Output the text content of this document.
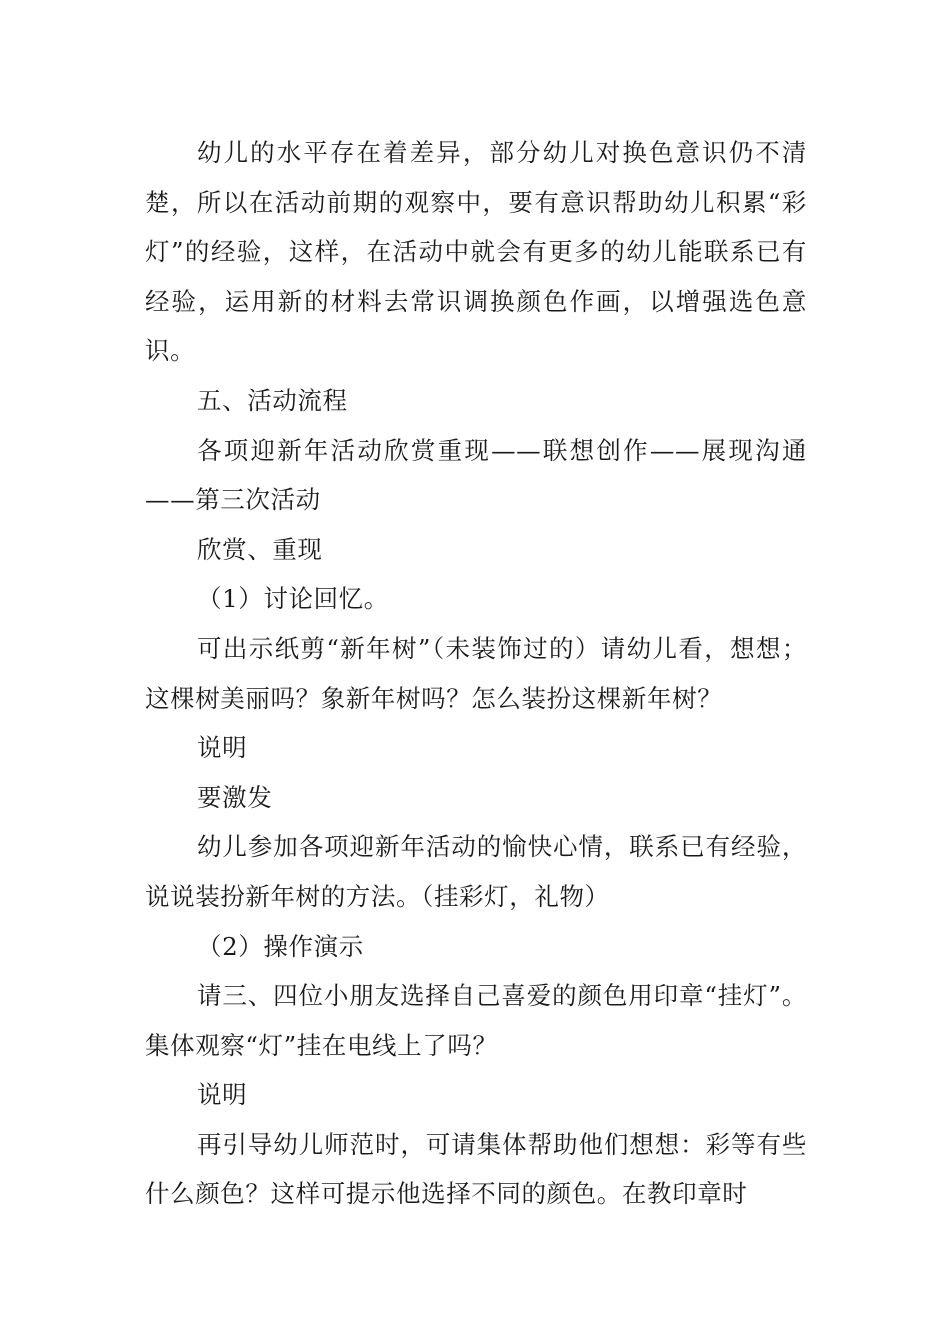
幼儿的水平存在着差异，部分幼儿对换色意识仍不清楚，所以在活动前期的观察中，要有意识帮助幼儿积累“彩灯”的经验，这样，在活动中就会有更多的幼儿能联系已有经验，运用新的材料去常识调换颜色作画，以增强选色意识。

五、活动流程

各项迎新年活动欣赏重现——联想创作——展现沟通——第三次活动

欣赏、重现

（1）讨论回忆。

可出示纸剪“新年树”（未装饰过的）请幼儿看，想想；这棵树美丽吗？象新年树吗？怎么装扮这棵新年树？

说明

要激发

幼儿参加各项迎新年活动的愉快心情，联系已有经验，说说装扮新年树的方法。（挂彩灯，礼物）

（2）操作演示

请三、四位小朋友选择自己喜爱的颜色用印章“挂灯”。集体观察“灯”挂在电线上了吗？

说明

再引导幼儿师范时，可请集体帮助他们想想：彩等有些什么颜色？这样可提示他选择不同的颜色。在教印章时
